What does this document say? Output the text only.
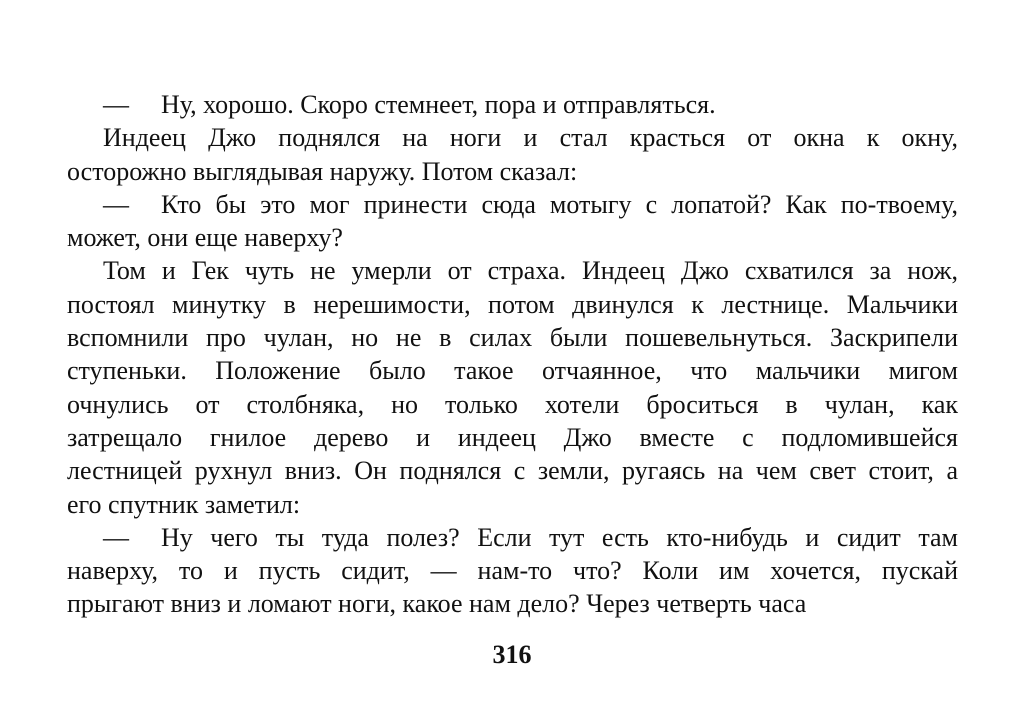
— Ну, хорошо. Скоро стемнеет, пора и отправляться.
Индеец Джо поднялся на ноги и стал красться от окна к окну,
осторожно выглядывая наружу. Потом сказал:
— Кто бы это мог принести сюда мотыгу с лопатой? Как по-твоему,
может, они еще наверху?
Том и Гек чуть не умерли от страха. Индеец Джо схватился за нож,
постоял минутку в нерешимости, потом двинулся к лестнице. Мальчики
вспомнили про чулан, но не в силах были пошевельнуться. Заскрипели
ступеньки. Положение было такое отчаянное, что мальчики мигом
очнулись от столбняка, но только хотели броситься в чулан, как
затрещало гнилое дерево и индеец Джо вместе с подломившейся
лестницей рухнул вниз. Он поднялся с земли, ругаясь на чем свет стоит, а
его спутник заметил:
— Ну чего ты туда полез? Если тут есть кто-нибудь и сидит там
наверху, то и пусть сидит, — нам-то что? Коли им хочется, пускай
прыгают вниз и ломают ноги, какое нам дело? Через четверть часа
316
